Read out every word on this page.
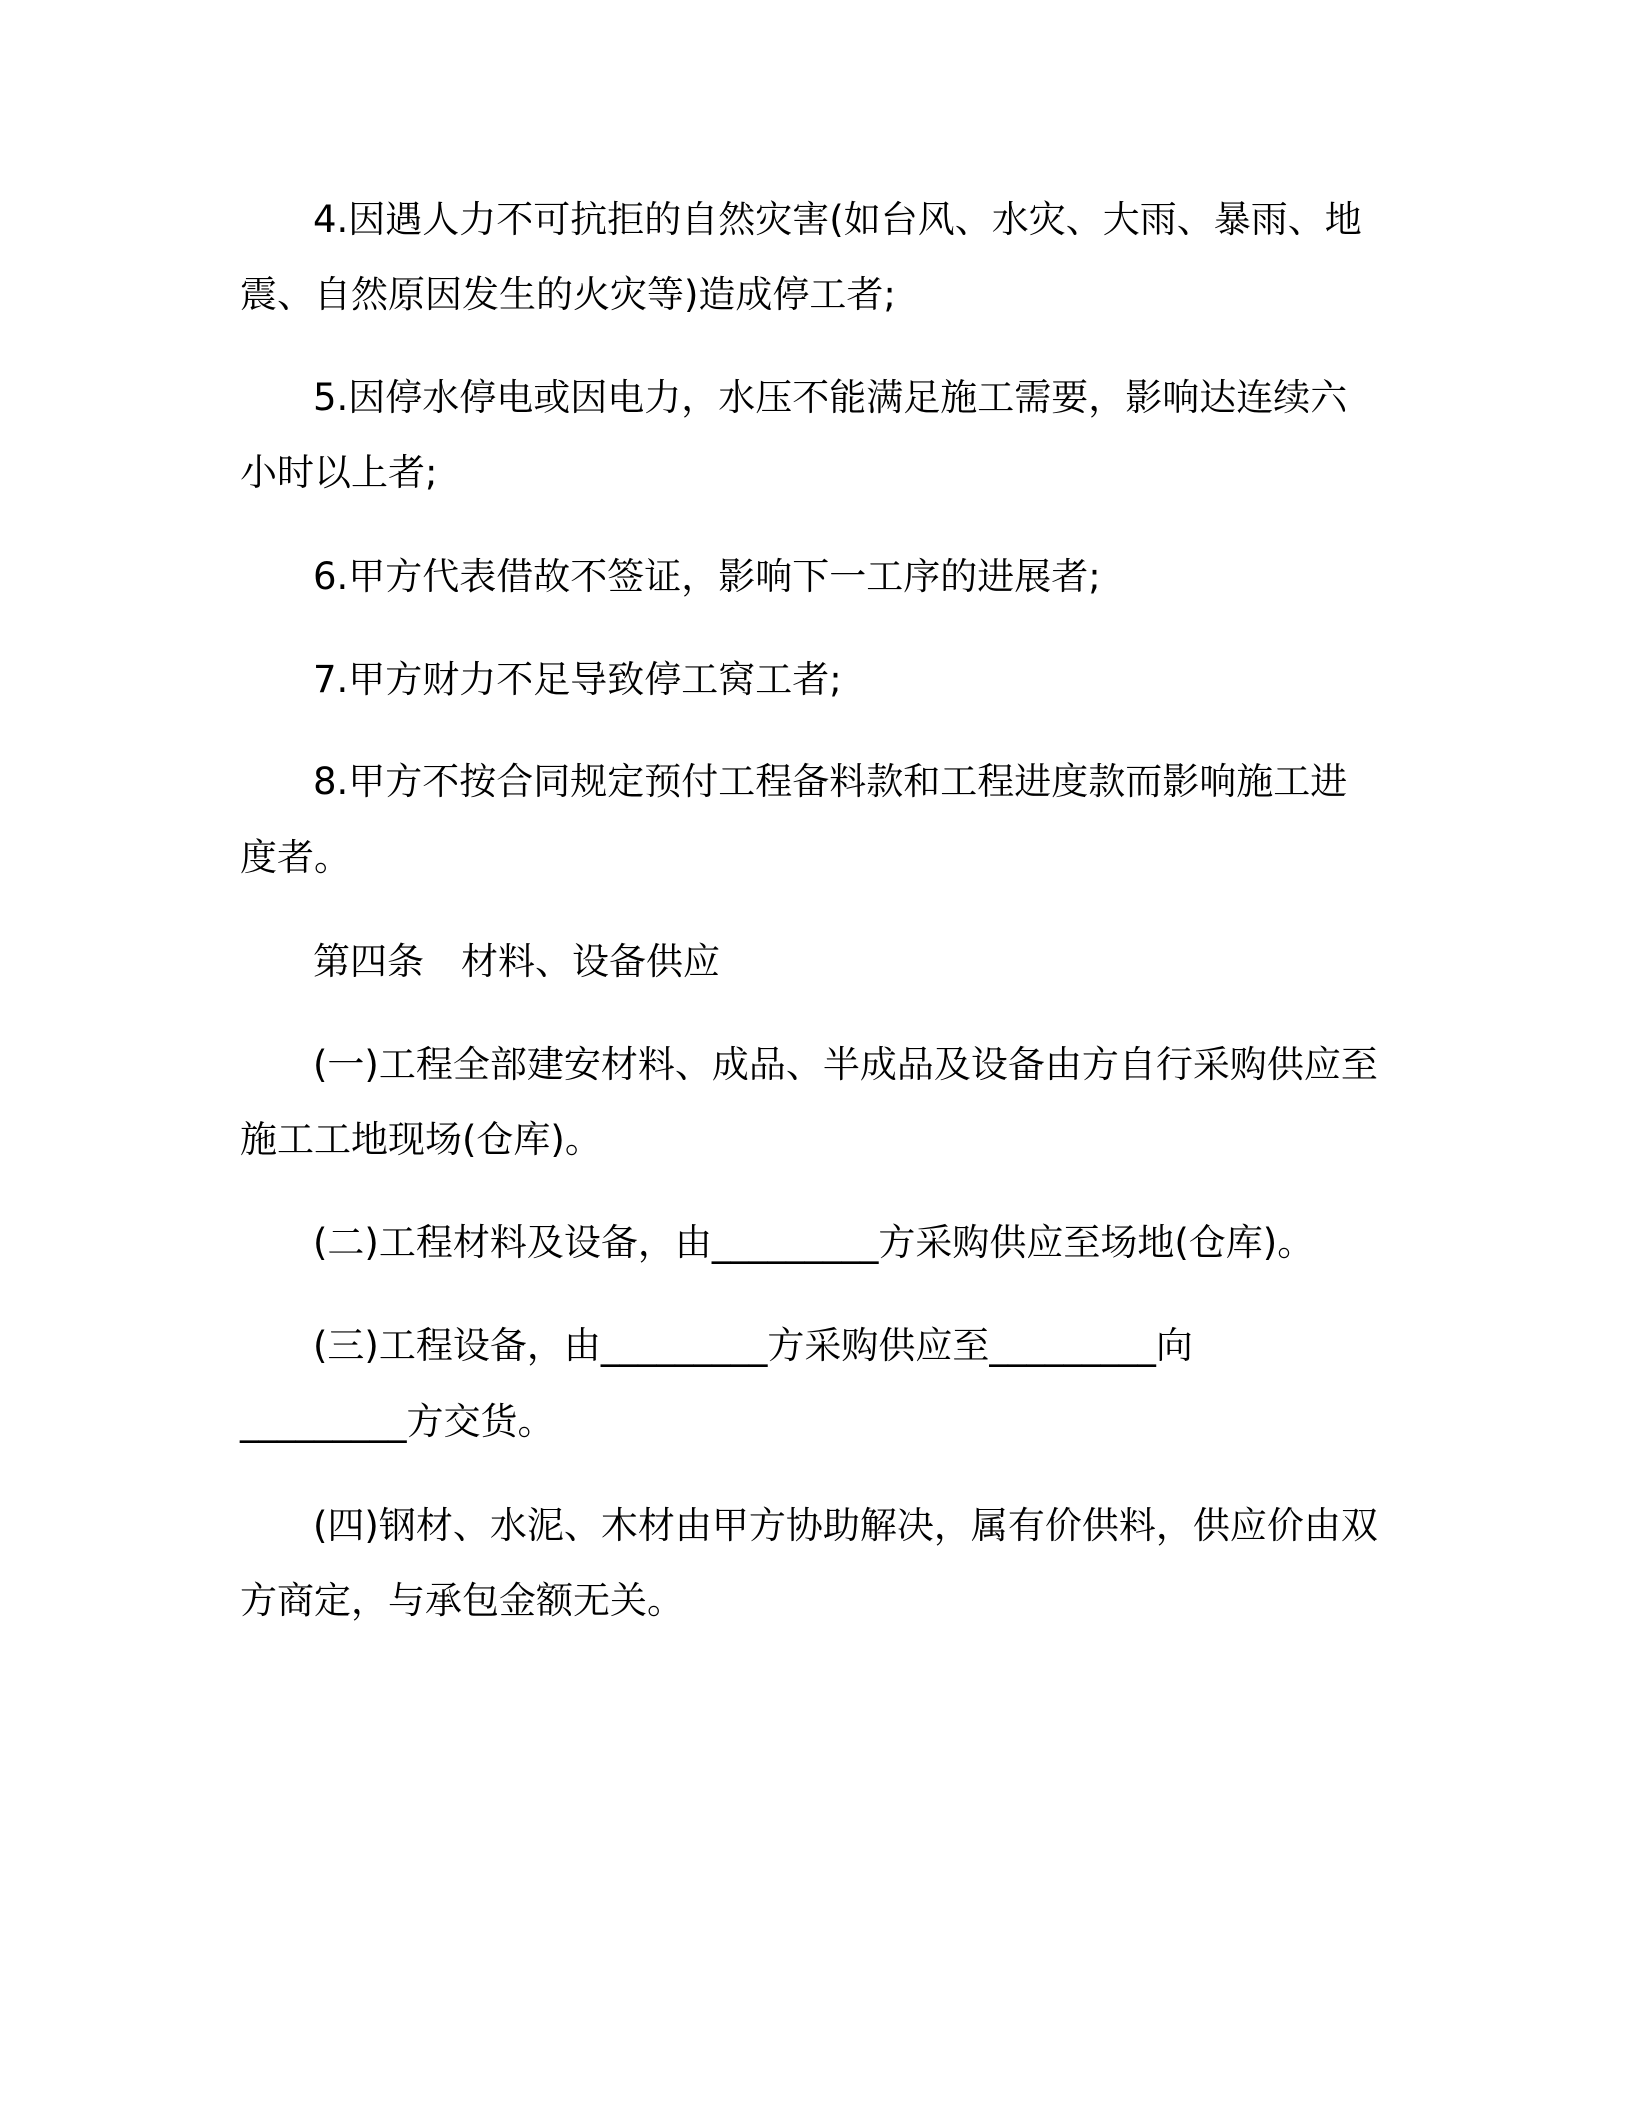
4.因遇人力不可抗拒的自然灾害(如台风、水灾、大雨、暴雨、地
震、自然原因发生的火灾等)造成停工者;
5.因停水停电或因电力，水压不能满足施工需要，影响达连续六
小时以上者;
6.甲方代表借故不签证，影响下一工序的进展者;
7.甲方财力不足导致停工窝工者;
8.甲方不按合同规定预付工程备料款和工程进度款而影响施工进
度者。
第四条　材料、设备供应
(一)工程全部建安材料、成品、半成品及设备由方自行采购供应至
施工工地现场(仓库)。
(二)工程材料及设备，由_________方采购供应至场地(仓库)。
(三)工程设备，由_________方采购供应至_________向
_________方交货。
(四)钢材、水泥、木材由甲方协助解决，属有价供料，供应价由双
方商定，与承包金额无关。
